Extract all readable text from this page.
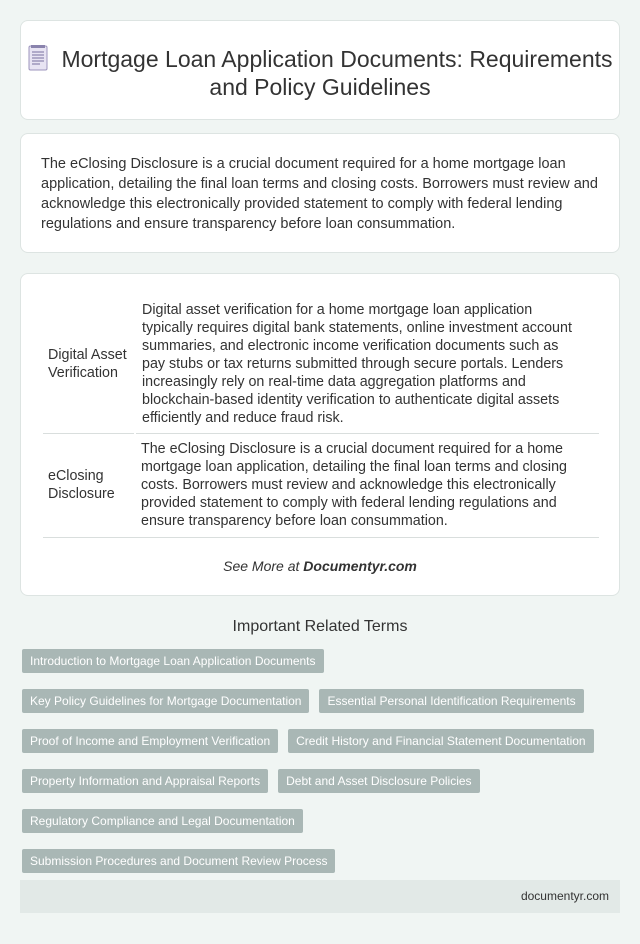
Mortgage Loan Application Documents: Requirements and Policy Guidelines

The eClosing Disclosure is a crucial document required for a home mortgage loan application, detailing the final loan terms and closing costs. Borrowers must review and acknowledge this electronically provided statement to comply with federal lending regulations and ensure transparency before loan consummation.

Digital Asset Verification	Digital asset verification for a home mortgage loan application typically requires digital bank statements, online investment account summaries, and electronic income verification documents such as pay stubs or tax returns submitted through secure portals. Lenders increasingly rely on real-time data aggregation platforms and blockchain-based identity verification to authenticate digital assets efficiently and reduce fraud risk.
eClosing Disclosure	The eClosing Disclosure is a crucial document required for a home mortgage loan application, detailing the final loan terms and closing costs. Borrowers must review and acknowledge this electronically provided statement to comply with federal lending regulations and ensure transparency before loan consummation.
See More at Documentyr.com
Important Related Terms
Introduction to Mortgage Loan Application Documents
Key Policy Guidelines for Mortgage Documentation	Essential Personal Identification Requirements
Proof of Income and Employment Verification	Credit History and Financial Statement Documentation
Property Information and Appraisal Reports	Debt and Asset Disclosure Policies
Regulatory Compliance and Legal Documentation
Submission Procedures and Document Review Process
documentyr.com
